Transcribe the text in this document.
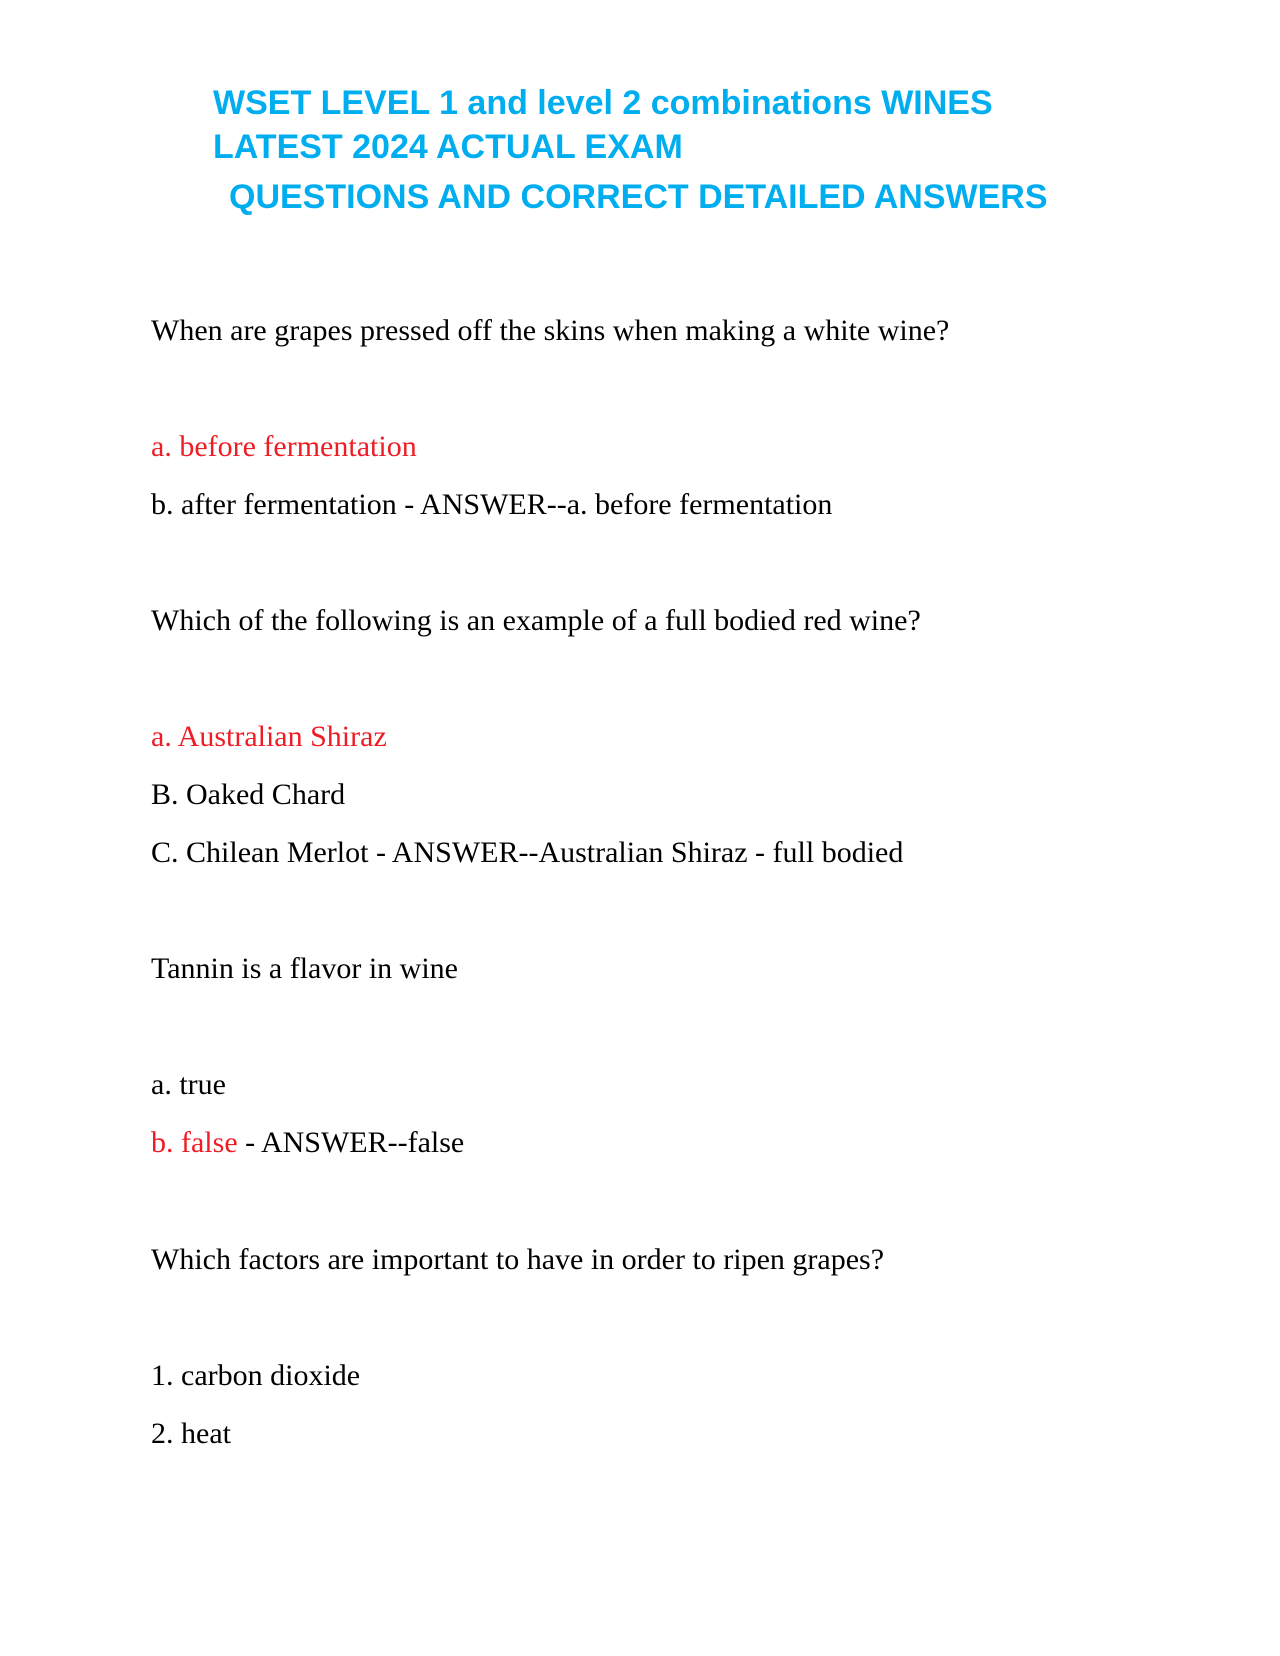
WSET LEVEL 1 and level 2 combinations WINES
LATEST 2024 ACTUAL EXAM
QUESTIONS AND CORRECT DETAILED ANSWERS
When are grapes pressed off the skins when making a white wine?
a. before fermentation
b. after fermentation - ANSWER--a. before fermentation
Which of the following is an example of a full bodied red wine?
a. Australian Shiraz
B. Oaked Chard
C. Chilean Merlot - ANSWER--Australian Shiraz - full bodied
Tannin is a flavor in wine
a. true
b. false - ANSWER--false
Which factors are important to have in order to ripen grapes?
1. carbon dioxide
2. heat
